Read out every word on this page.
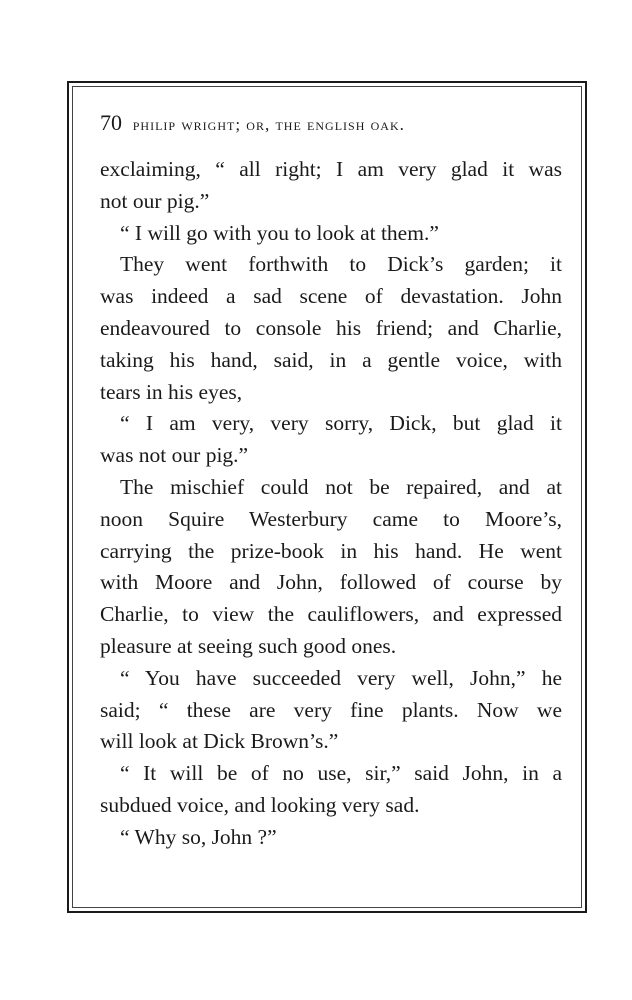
70 philip wright; or, the english oak.
exclaiming, “ all right; I am very glad it was
not our pig.”
“ I will go with you to look at them.”
They went forthwith to Dick’s garden; it
was indeed a sad scene of devastation. John
endeavoured to console his friend; and Charlie,
taking his hand, said, in a gentle voice, with
tears in his eyes,
“ I am very, very sorry, Dick, but glad it
was not our pig.”
The mischief could not be repaired, and at
noon Squire Westerbury came to Moore’s,
carrying the prize-book in his hand. He went
with Moore and John, followed of course by
Charlie, to view the cauliflowers, and expressed
pleasure at seeing such good ones.
“ You have succeeded very well, John,” he
said; “ these are very fine plants. Now we
will look at Dick Brown’s.”
“ It will be of no use, sir,” said John, in a
subdued voice, and looking very sad.
“ Why so, John ?”
